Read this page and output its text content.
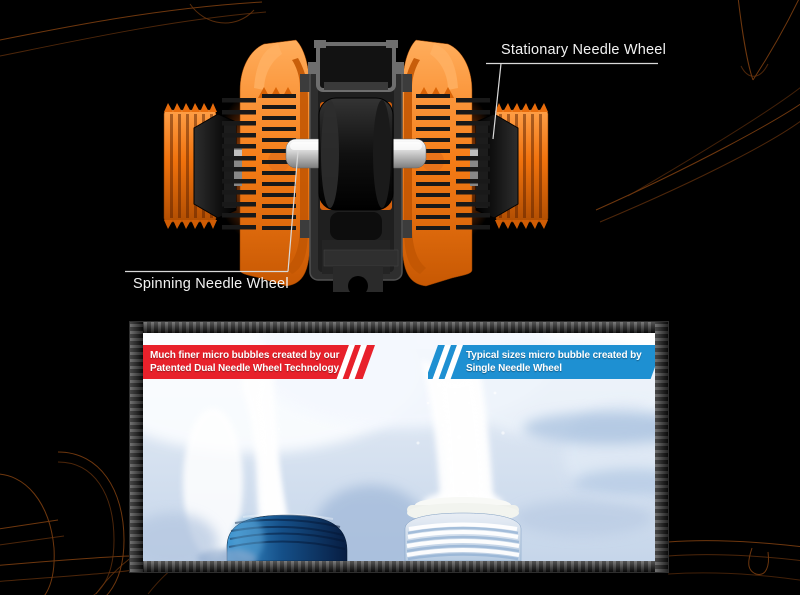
Stationary Needle Wheel
Spinning Needle Wheel
Much finer micro bubbles created by our
Patented Dual Needle Wheel Technology
Typical sizes micro bubble created by
Single Needle Wheel
